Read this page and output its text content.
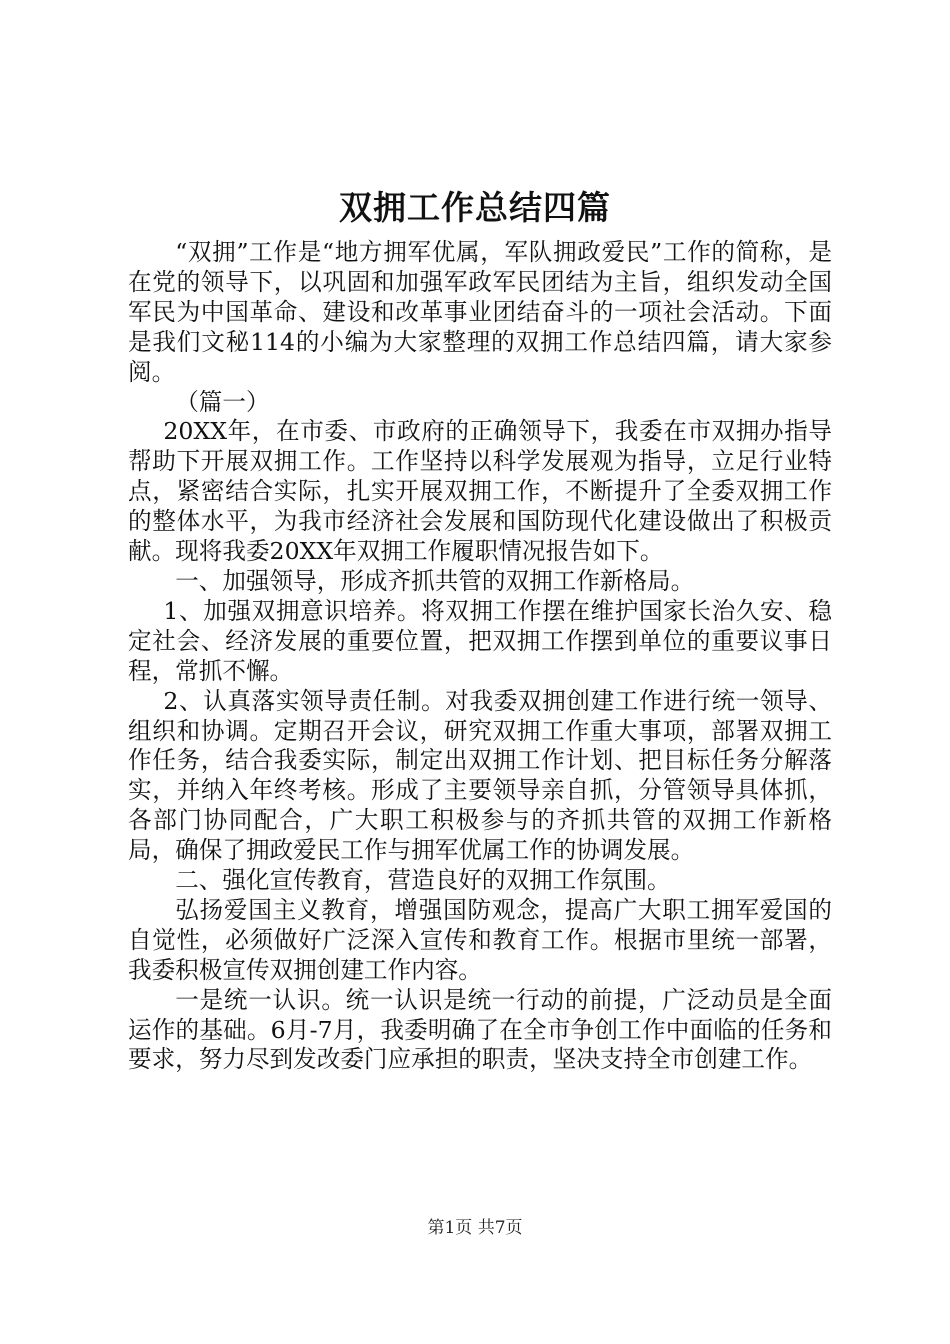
双拥工作总结四篇

“双拥”工作是“地方拥军优属，军队拥政爱民”工作的简称，是在党的领导下，以巩固和加强军政军民团结为主旨，组织发动全国军民为中国革命、建设和改革事业团结奋斗的一项社会活动。下面是我们文秘114的小编为大家整理的双拥工作总结四篇，请大家参阅。

（篇一）

20XX年，在市委、市政府的正确领导下，我委在市双拥办指导帮助下开展双拥工作。工作坚持以科学发展观为指导，立足行业特点，紧密结合实际，扎实开展双拥工作，不断提升了全委双拥工作的整体水平，为我市经济社会发展和国防现代化建设做出了积极贡献。现将我委20XX年双拥工作履职情况报告如下。

一、加强领导，形成齐抓共管的双拥工作新格局。

1、加强双拥意识培养。将双拥工作摆在维护国家长治久安、稳定社会、经济发展的重要位置，把双拥工作摆到单位的重要议事日程，常抓不懈。

2、认真落实领导责任制。对我委双拥创建工作进行统一领导、组织和协调。定期召开会议，研究双拥工作重大事项，部署双拥工作任务，结合我委实际，制定出双拥工作计划、把目标任务分解落实，并纳入年终考核。形成了主要领导亲自抓，分管领导具体抓，各部门协同配合，广大职工积极参与的齐抓共管的双拥工作新格局，确保了拥政爱民工作与拥军优属工作的协调发展。

二、强化宣传教育，营造良好的双拥工作氛围。

弘扬爱国主义教育，增强国防观念，提高广大职工拥军爱国的自觉性，必须做好广泛深入宣传和教育工作。根据市里统一部署，我委积极宣传双拥创建工作内容。

一是统一认识。统一认识是统一行动的前提，广泛动员是全面运作的基础。6月-7月，我委明确了在全市争创工作中面临的任务和要求，努力尽到发改委门应承担的职责，坚决支持全市创建工作。

第1页 共7页
